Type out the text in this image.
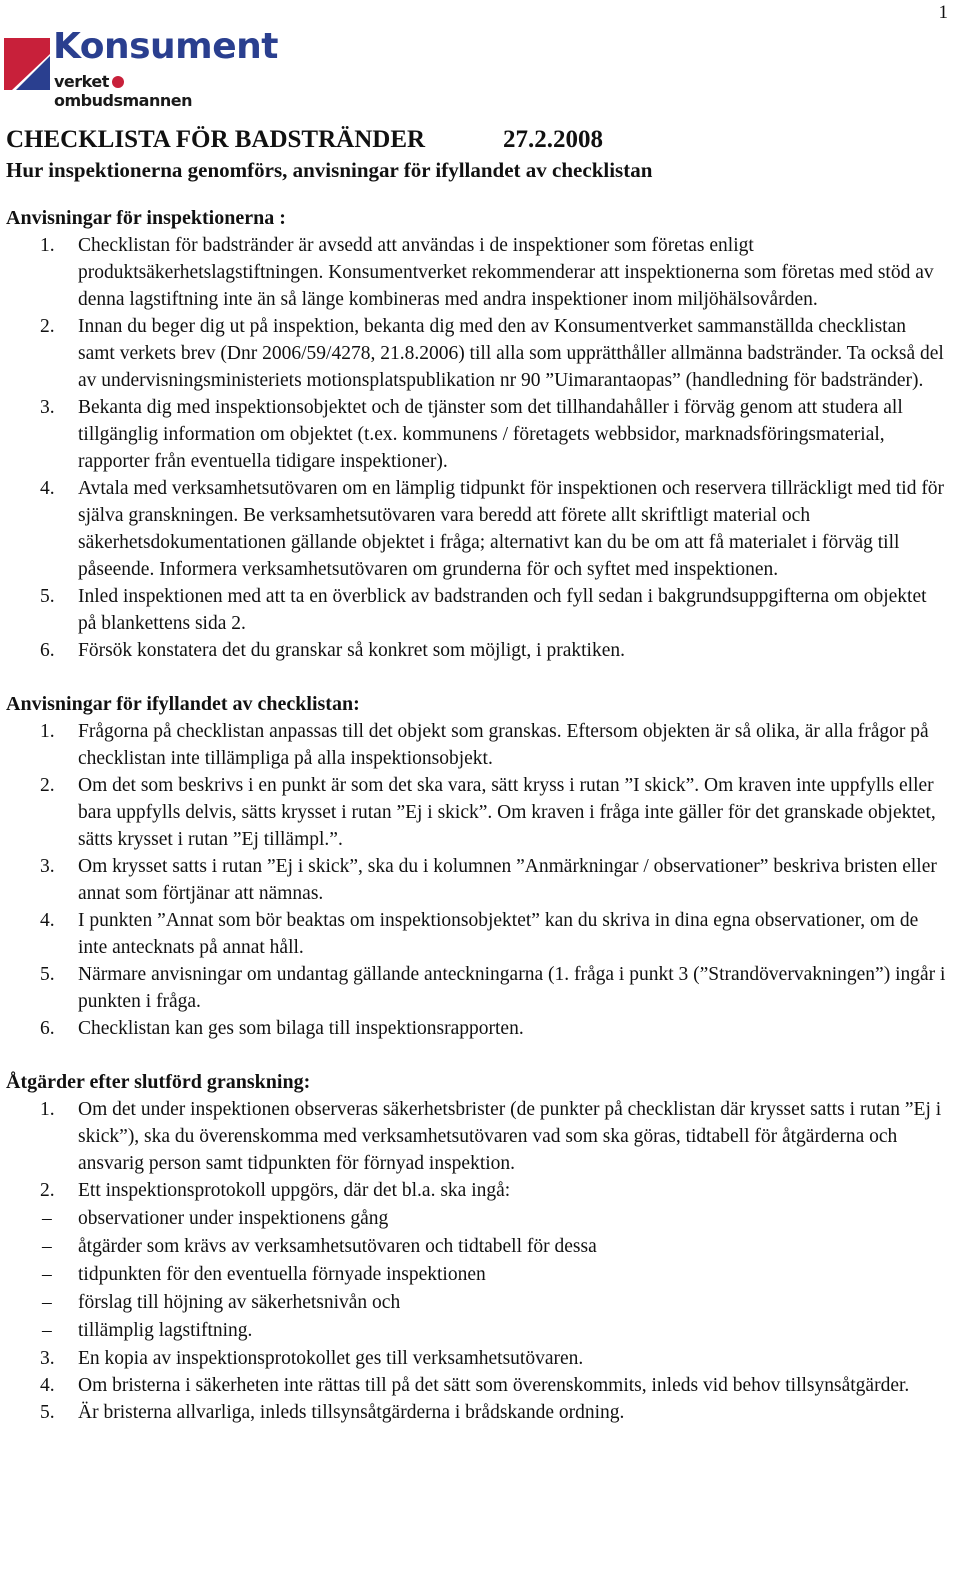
1
Konsument
verketombudsmannen
CHECKLISTA FÖR BADSTRÄNDER	27.2.2008
Hur inspektionerna genomförs, anvisningar för ifyllandet av checklistan
Anvisningar för inspektionerna :
1. Checklistan för badstränder är avsedd att användas i de inspektioner som företas enligt produktsäkerhetslagstiftningen. Konsumentverket rekommenderar att inspektionerna som företas med stöd av denna lagstiftning inte än så länge kombineras med andra inspektioner inom miljöhälsovården.
2. Innan du beger dig ut på inspektion, bekanta dig med den av Konsumentverket sammanställda checklistan samt verkets brev (Dnr 2006/59/4278, 21.8.2006) till alla som upprätthåller allmänna badstränder. Ta också del av undervisningsministeriets motionsplatspublikation nr 90 ”Uimarantaopas” (handledning för badstränder).
3. Bekanta dig med inspektionsobjektet och de tjänster som det tillhandahåller i förväg genom att studera all tillgänglig information om objektet (t.ex. kommunens / företagets webbsidor, marknadsföringsmaterial, rapporter från eventuella tidigare inspektioner).
4. Avtala med verksamhetsutövaren om en lämplig tidpunkt för inspektionen och reservera tillräckligt med tid för själva granskningen. Be verksamhetsutövaren vara beredd att förete allt skriftligt material och säkerhetsdokumentationen gällande objektet i fråga; alternativt kan du be om att få materialet i förväg till påseende. Informera verksamhetsutövaren om grunderna för och syftet med inspektionen.
5. Inled inspektionen med att ta en överblick av badstranden och fyll sedan i bakgrundsuppgifterna om objektet på blankettens sida 2.
6. Försök konstatera det du granskar så konkret som möjligt, i praktiken.
Anvisningar för ifyllandet av checklistan:
1. Frågorna på checklistan anpassas till det objekt som granskas. Eftersom objekten är så olika, är alla frågor på checklistan inte tillämpliga på alla inspektionsobjekt.
2. Om det som beskrivs i en punkt är som det ska vara, sätt kryss i rutan ”I skick”. Om kraven inte uppfylls eller bara uppfylls delvis, sätts krysset i rutan ”Ej i skick”. Om kraven i fråga inte gäller för det granskade objektet, sätts krysset i rutan ”Ej tillämpl.”.
3. Om krysset satts i rutan ”Ej i skick”, ska du i kolumnen ”Anmärkningar / observationer” beskriva bristen eller annat som förtjänar att nämnas.
4. I punkten ”Annat som bör beaktas om inspektionsobjektet” kan du skriva in dina egna observationer, om de inte antecknats på annat håll.
5. Närmare anvisningar om undantag gällande anteckningarna (1. fråga i punkt 3 (”Strandövervakningen”) ingår i punkten i fråga.
6. Checklistan kan ges som bilaga till inspektionsrapporten.
Åtgärder efter slutförd granskning:
1. Om det under inspektionen observeras säkerhetsbrister (de punkter på checklistan där krysset satts i rutan ”Ej i skick”), ska du överenskomma med verksamhetsutövaren vad som ska göras, tidtabell för åtgärderna och ansvarig person samt tidpunkten för förnyad inspektion.
2. Ett inspektionsprotokoll uppgörs, där det bl.a. ska ingå:
– observationer under inspektionens gång
– åtgärder som krävs av verksamhetsutövaren och tidtabell för dessa
– tidpunkten för den eventuella förnyade inspektionen
– förslag till höjning av säkerhetsnivån och
– tillämplig lagstiftning.
3. En kopia av inspektionsprotokollet ges till verksamhetsutövaren.
4. Om bristerna i säkerheten inte rättas till på det sätt som överenskommits, inleds vid behov tillsynsåtgärder.
5. Är bristerna allvarliga, inleds tillsynsåtgärderna i brådskande ordning.
